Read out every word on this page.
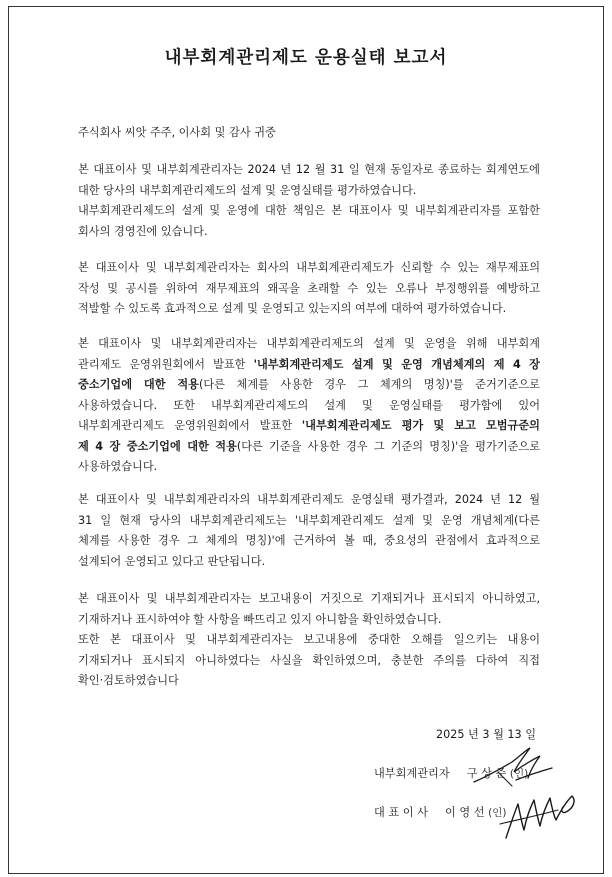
내부회계관리제도 운용실태 보고서
주식회사 씨앗 주주, 이사회 및 감사 귀중
본 대표이사 및 내부회계관리자는 2024 년 12 월 31 일 현재 동일자로 종료하는 회계연도에
대한 당사의 내부회계관리제도의 설계 및 운영실태를 평가하였습니다.
내부회계관리제도의 설계 및 운영에 대한 책임은 본 대표이사 및 내부회계관리자를 포함한
회사의 경영진에 있습니다.
본 대표이사 및 내부회계관리자는 회사의 내부회계관리제도가 신뢰할 수 있는 재무제표의
작성 및 공시를 위하여 재무제표의 왜곡을 초래할 수 있는 오류나 부정행위를 예방하고
적발할 수 있도록 효과적으로 설계 및 운영되고 있는지의 여부에 대하여 평가하였습니다.
본 대표이사 및 내부회계관리자는 내부회계관리제도의 설계 및 운영을 위해 내부회계
관리제도 운영위원회에서 발표한 '내부회계관리제도 설계 및 운영 개념체계의 제 4 장
중소기업에 대한 적용(다른 체계를 사용한 경우 그 체계의 명칭)'를 준거기준으로
사용하였습니다. 또한 내부회계관리제도의 설계 및 운영실태를 평가함에 있어
내부회계관리제도 운영위원회에서 발표한 '내부회계관리제도 평가 및 보고 모범규준의
제 4 장 중소기업에 대한 적용(다른 기준을 사용한 경우 그 기준의 명칭)'을 평가기준으로
사용하였습니다.
본 대표이사 및 내부회계관리자의 내부회계관리제도 운영실태 평가결과, 2024 년 12 월
31 일 현재 당사의 내부회계관리제도는 '내부회계관리제도 설계 및 운영 개념체계(다른
체계를 사용한 경우 그 체계의 명칭)'에 근거하여 볼 때, 중요성의 관점에서 효과적으로
설계되어 운영되고 있다고 판단됩니다.
본 대표이사 및 내부회계관리자는 보고내용이 거짓으로 기재되거나 표시되지 아니하였고,
기재하거나 표시하여야 할 사항을 빠뜨리고 있지 아니함을 확인하였습니다.
또한 본 대표이사 및 내부회계관리자는 보고내용에 중대한 오해를 일으키는 내용이
기재되거나 표시되지 아니하였다는 사실을 확인하였으며, 충분한 주의를 다하여 직접
확인·검토하였습니다
2025 년 3 월 13 일
내부회계관리자 구 상 준 (인)
대 표 이 사 이 영 선 (인)
